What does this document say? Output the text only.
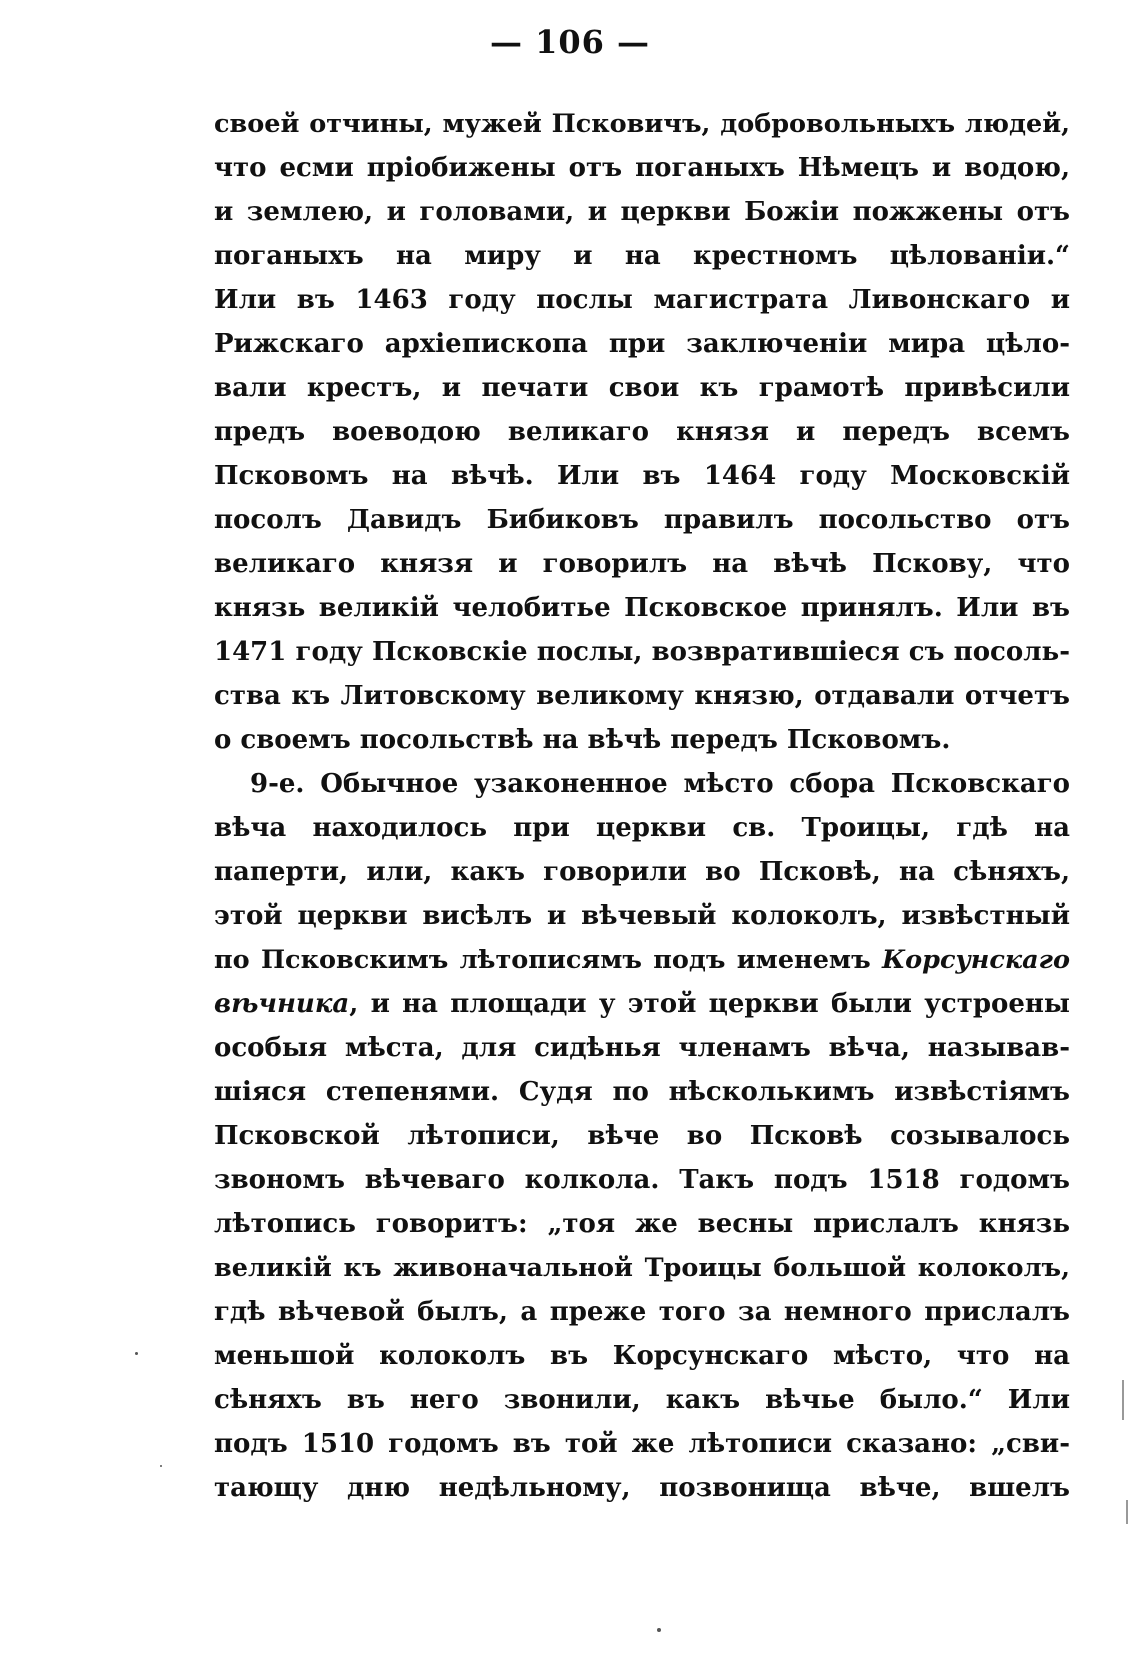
— 106 —
своей отчины, мужей Псковичъ, добровольныхъ людей,
что есми пріобижены отъ поганыхъ Нѣмецъ и водою,
и землею, и головами, и церкви Божіи пожжены отъ
поганыхъ на миру и на крестномъ цѣлованіи.“
Или въ 1463 году послы магистрата Ливонскаго и
Рижскаго архіепископа при заключеніи мира цѣло-
вали крестъ, и печати свои къ грамотѣ привѣсили
предъ воеводою великаго князя и передъ всемъ
Псковомъ на вѣчѣ. Или въ 1464 году Московскій
посолъ Давидъ Бибиковъ правилъ посольство отъ
великаго князя и говорилъ на вѣчѣ Пскову, что
князь великій челобитье Псковское принялъ. Или въ
1471 году Псковскіе послы, возвратившіеся съ посоль-
ства къ Литовскому великому князю, отдавали отчетъ
о своемъ посольствѣ на вѣчѣ передъ Псковомъ.
9-е. Обычное узаконенное мѣсто сбора Псковскаго
вѣча находилось при церкви св. Троицы, гдѣ на
паперти, или, какъ говорили во Псковѣ, на сѣняхъ,
этой церкви висѣлъ и вѣчевый колоколъ, извѣстный
по Псковскимъ лѣтописямъ подъ именемъ Корсунскаго
вѣчника, и на площади у этой церкви были устроены
особыя мѣста, для сидѣнья членамъ вѣча, называв-
шіяся степенями. Судя по нѣсколькимъ извѣстіямъ
Псковской лѣтописи, вѣче во Псковѣ созывалось
звономъ вѣчеваго колкола. Такъ подъ 1518 годомъ
лѣтопись говоритъ: „тоя же весны прислалъ князь
великій къ живоначальной Троицы большой колоколъ,
гдѣ вѣчевой былъ, а преже того за немного прислалъ
меньшой колоколъ въ Корсунскаго мѣсто, что на
сѣняхъ въ него звонили, какъ вѣчье было.“ Или
подъ 1510 годомъ въ той же лѣтописи сказано: „сви-
тающу дню недѣльному, позвонища вѣче, вшелъ
